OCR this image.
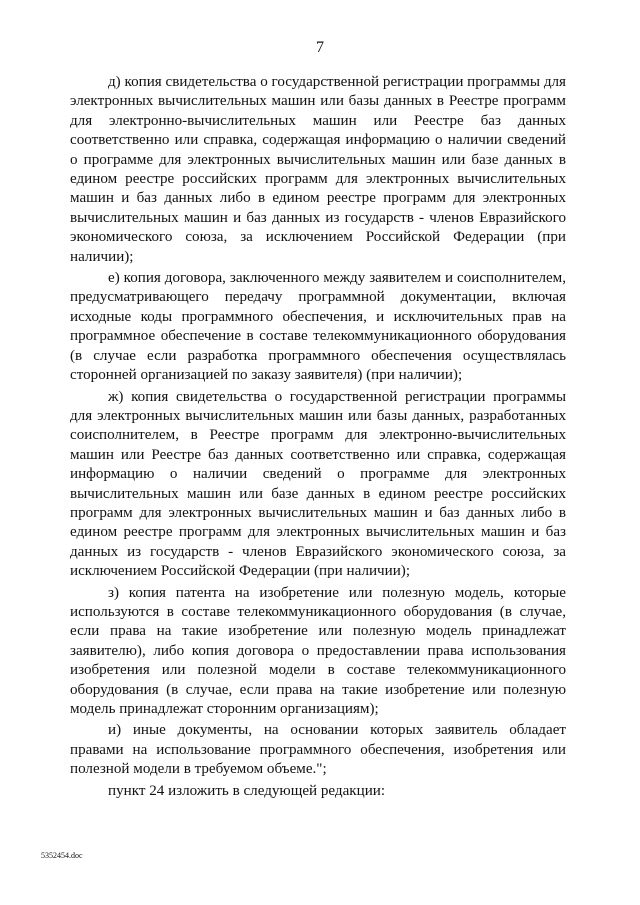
7

д) копия свидетельства о государственной регистрации программы для электронных вычислительных машин или базы данных в Реестре программ для электронно-вычислительных машин или Реестре баз данных соответственно или справка, содержащая информацию о наличии сведений о программе для электронных вычислительных машин или базе данных в едином реестре российских программ для электронных вычислительных машин и баз данных либо в едином реестре программ для электронных вычислительных машин и баз данных из государств - членов Евразийского экономического союза, за исключением Российской Федерации (при наличии);

е) копия договора, заключенного между заявителем и соисполнителем, предусматривающего передачу программной документации, включая исходные коды программного обеспечения, и исключительных прав на программное обеспечение в составе телекоммуникационного оборудования (в случае если разработка программного обеспечения осуществлялась сторонней организацией по заказу заявителя) (при наличии);

ж) копия свидетельства о государственной регистрации программы для электронных вычислительных машин или базы данных, разработанных соисполнителем, в Реестре программ для электронно-вычислительных машин или Реестре баз данных соответственно или справка, содержащая информацию о наличии сведений о программе для электронных вычислительных машин или базе данных в едином реестре российских программ для электронных вычислительных машин и баз данных либо в едином реестре программ для электронных вычислительных машин и баз данных из государств - членов Евразийского экономического союза, за исключением Российской Федерации (при наличии);

з) копия патента на изобретение или полезную модель, которые используются в составе телекоммуникационного оборудования (в случае, если права на такие изобретение или полезную модель принадлежат заявителю), либо копия договора о предоставлении права использования изобретения или полезной модели в составе телекоммуникационного оборудования (в случае, если права на такие изобретение или полезную модель принадлежат сторонним организациям);

и) иные документы, на основании которых заявитель обладает правами на использование программного обеспечения, изобретения или полезной модели в требуемом объеме.";

пункт 24 изложить в следующей редакции:

5352454.doc
